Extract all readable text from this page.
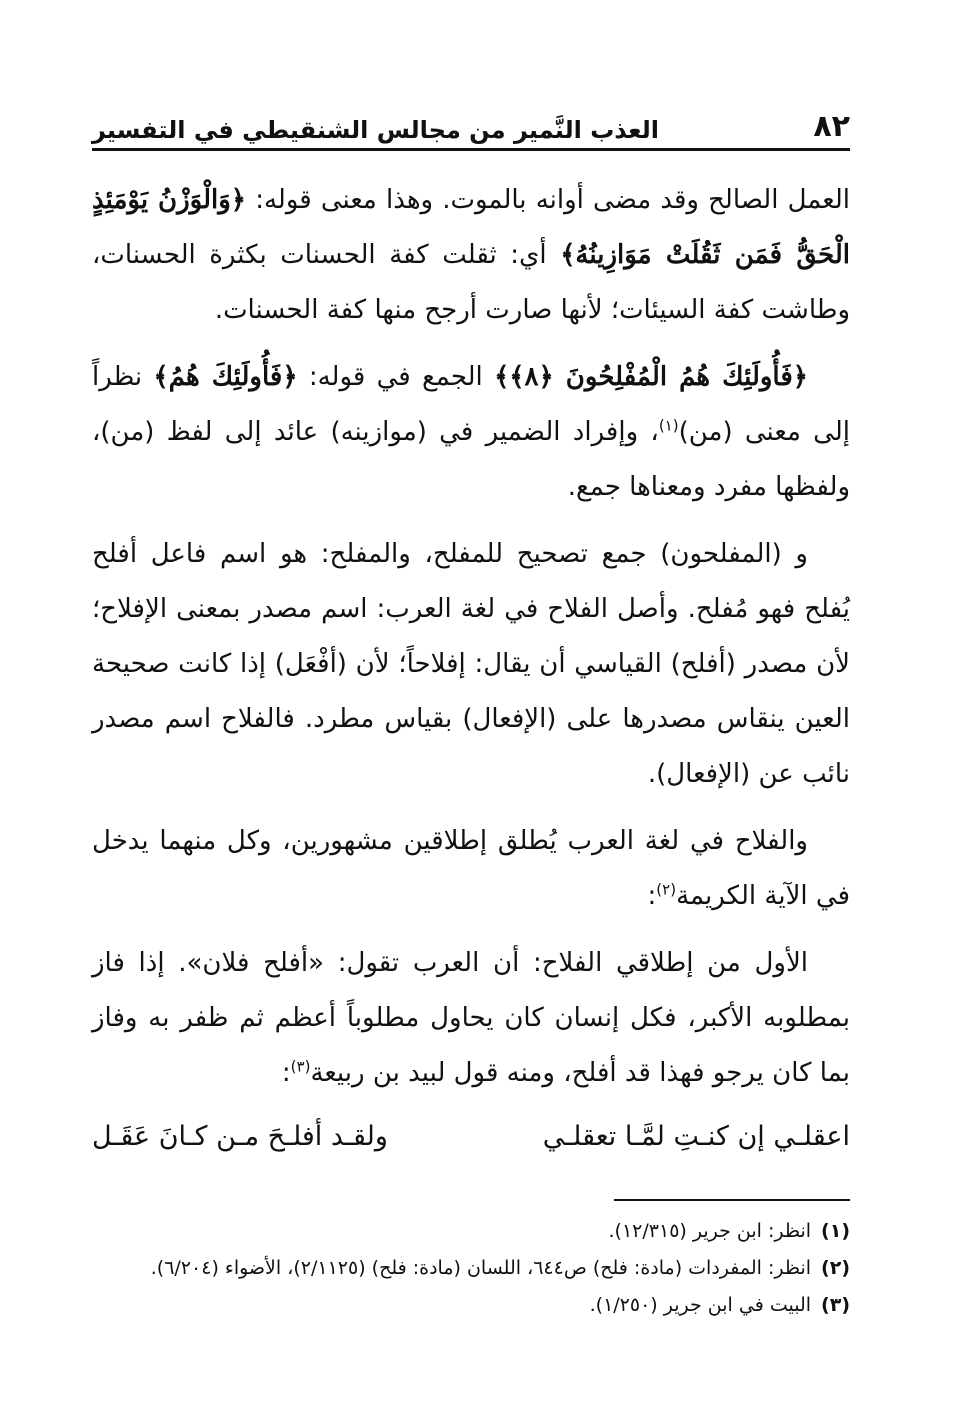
٨٢
العذب النَّمير من مجالس الشنقيطي في التفسير

العمل الصالح وقد مضى أوانه بالموت. وهذا معنى قوله: ﴿وَالْوَزْنُ يَوْمَئِذٍ الْحَقُّ فَمَن ثَقُلَتْ مَوَازِينُهُ﴾ أي: ثقلت كفة الحسنات بكثرة الحسنات، وطاشت كفة السيئات؛ لأنها صارت أرجح منها كفة الحسنات.

﴿فَأُولَئِكَ هُمُ الْمُفْلِحُونَ ﴿٨﴾﴾ الجمع في قوله: ﴿فَأُولَئِكَ هُمُ﴾ نظراً إلى معنى (من)$^{(١)}$، وإفراد الضمير في (موازينه) عائد إلى لفظ (من)، ولفظها مفرد ومعناها جمع.

و (المفلحون) جمع تصحيح للمفلح، والمفلح: هو اسم فاعل أفلح يُفلح فهو مُفلح. وأصل الفلاح في لغة العرب: اسم مصدر بمعنى الإفلاح؛ لأن مصدر (أفلح) القياسي أن يقال: إفلاحاً؛ لأن (أفْعَل) إذا كانت صحيحة العين ينقاس مصدرها على (الإفعال) بقياس مطرد. فالفلاح اسم مصدر نائب عن (الإفعال).

والفلاح في لغة العرب يُطلق إطلاقين مشهورين، وكل منهما يدخل في الآية الكريمة$^{(٢)}$:

الأول من إطلاقي الفلاح: أن العرب تقول: «أفلح فلان». إذا فاز بمطلوبه الأكبر، فكل إنسان كان يحاول مطلوباً أعظم ثم ظفر به وفاز بما كان يرجو فهذا قد أفلح، ومنه قول لبيد بن ربيعة$^{(٣)}$:

اعقلـي إن كنـتِ لمَّـا تعقلـي
ولقـد أفلـحَ مـن كـانَ عَقَـل
(١)
انظر: ابن جرير (١٢/٣١٥).
(٢)
انظر: المفردات (مادة: فلح) ص٦٤٤، اللسان (مادة: فلح) (٢/١١٢٥)، الأضواء (٦/٢٠٤).
(٣)
البيت في ابن جرير (١/٢٥٠).
